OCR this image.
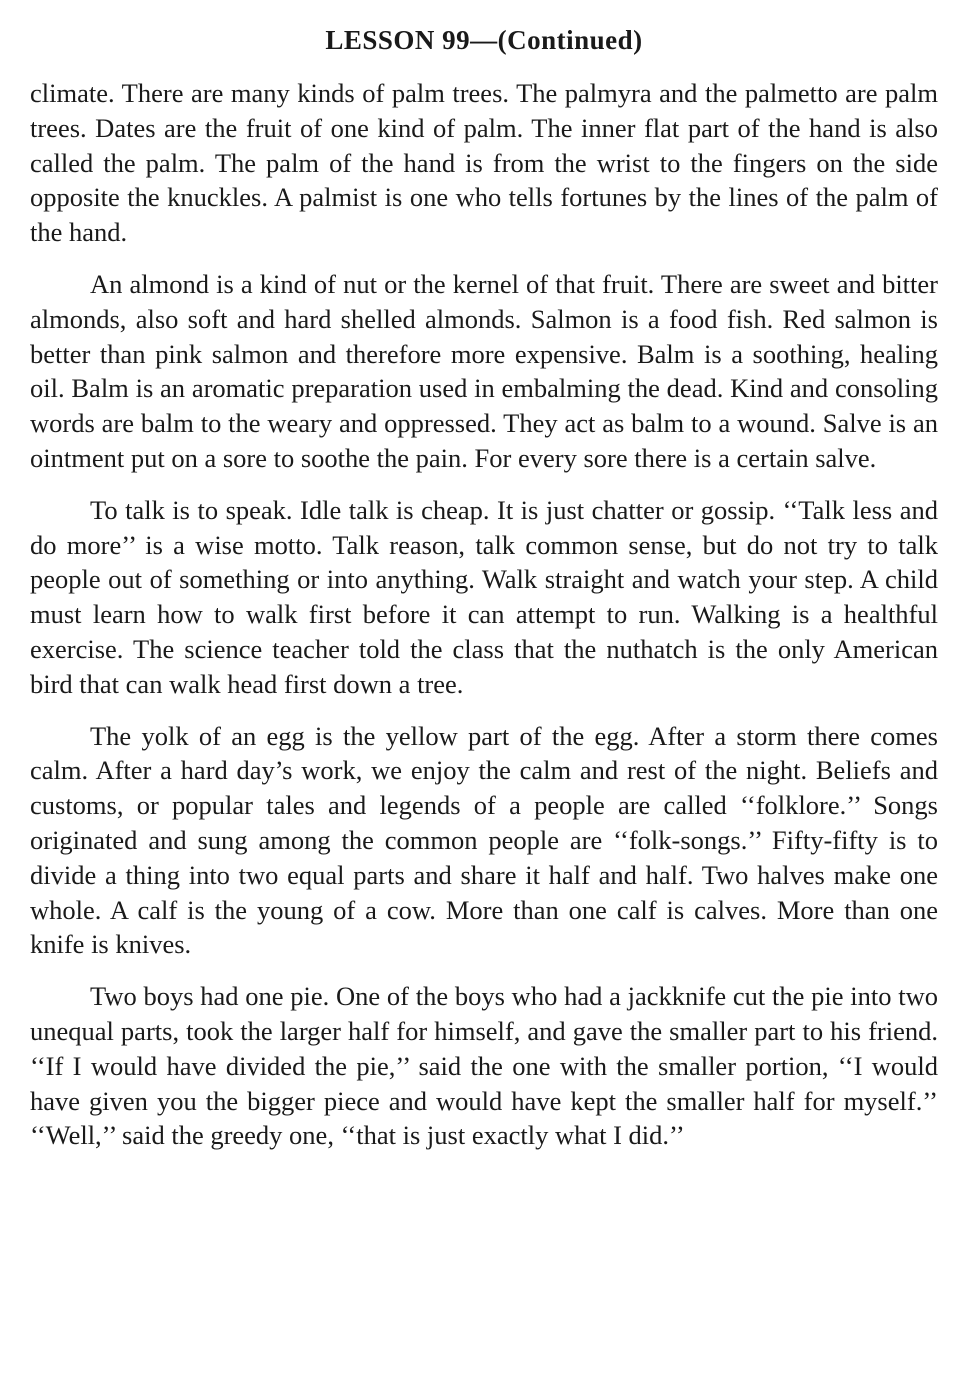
LESSON 99—(Continued)

climate. There are many kinds of palm trees. The palmyra and the palmetto are palm trees. Dates are the fruit of one kind of palm. The inner flat part of the hand is also called the palm. The palm of the hand is from the wrist to the fingers on the side opposite the knuckles. A palmist is one who tells fortunes by the lines of the palm of the hand.

An almond is a kind of nut or the kernel of that fruit. There are sweet and bitter almonds, also soft and hard shelled almonds. Salmon is a food fish. Red salmon is better than pink salmon and therefore more expensive. Balm is a soothing, healing oil. Balm is an aromatic preparation used in embalming the dead. Kind and consoling words are balm to the weary and oppressed. They act as balm to a wound. Salve is an ointment put on a sore to soothe the pain. For every sore there is a certain salve.

To talk is to speak. Idle talk is cheap. It is just chatter or gossip. ‘‘Talk less and do more’’ is a wise motto. Talk reason, talk common sense, but do not try to talk people out of something or into anything. Walk straight and watch your step. A child must learn how to walk first before it can attempt to run. Walking is a healthful exercise. The science teacher told the class that the nuthatch is the only American bird that can walk head first down a tree.

The yolk of an egg is the yellow part of the egg. After a storm there comes calm. After a hard day’s work, we enjoy the calm and rest of the night. Beliefs and customs, or popular tales and legends of a people are called ‘‘folklore.’’ Songs originated and sung among the common people are ‘‘folk-songs.’’ Fifty-fifty is to divide a thing into two equal parts and share it half and half. Two halves make one whole. A calf is the young of a cow. More than one calf is calves. More than one knife is knives.

Two boys had one pie. One of the boys who had a jackknife cut the pie into two unequal parts, took the larger half for himself, and gave the smaller part to his friend. ‘‘If I would have divided the pie,’’ said the one with the smaller portion, ‘‘I would have given you the bigger piece and would have kept the smaller half for myself.’’ ‘‘Well,’’ said the greedy one, ‘‘that is just exactly what I did.’’
